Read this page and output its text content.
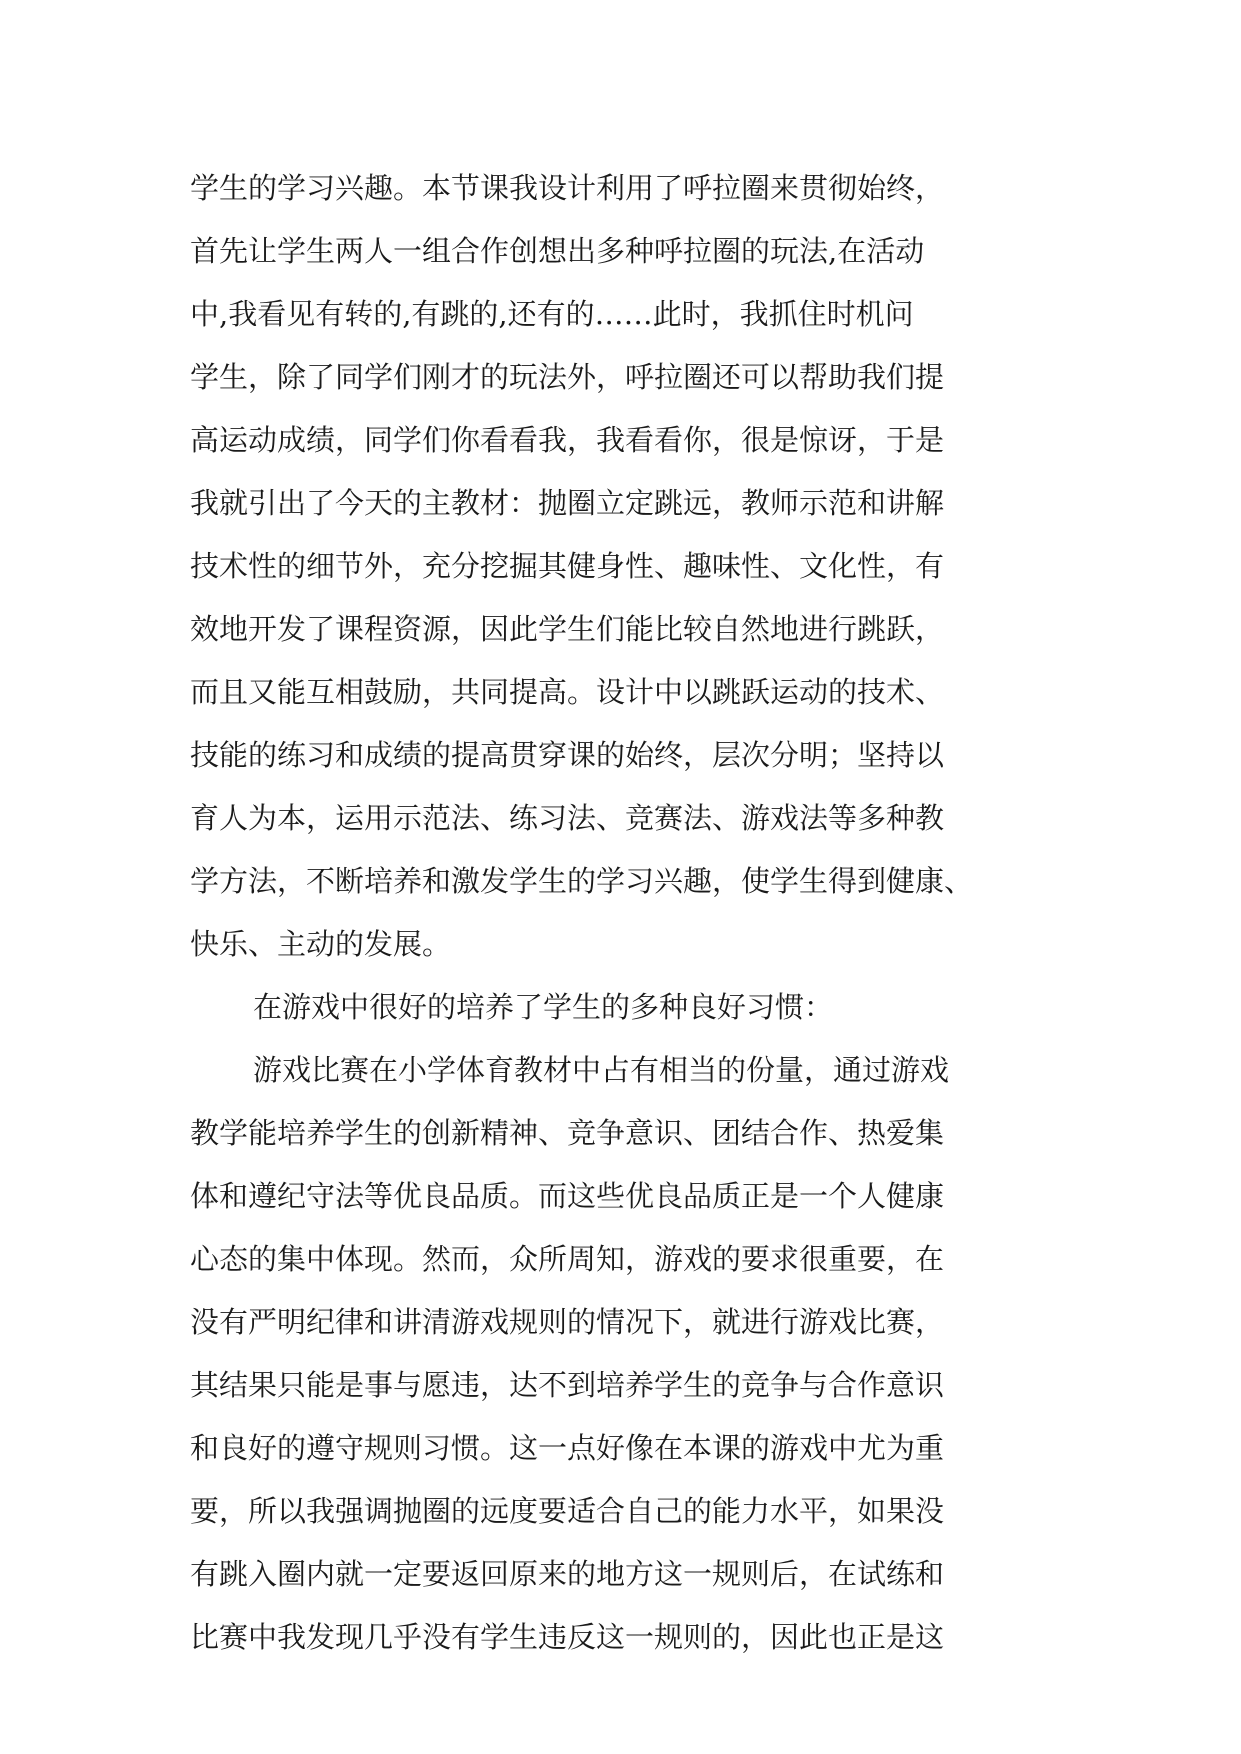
学生的学习兴趣。本节课我设计利用了呼拉圈来贯彻始终，
首先让学生两人一组合作创想出多种呼拉圈的玩法,在活动
中,我看见有转的,有跳的,还有的……此时，我抓住时机问
学生，除了同学们刚才的玩法外，呼拉圈还可以帮助我们提
高运动成绩，同学们你看看我，我看看你，很是惊讶，于是
我就引出了今天的主教材：抛圈立定跳远，教师示范和讲解
技术性的细节外，充分挖掘其健身性、趣味性、文化性，有
效地开发了课程资源，因此学生们能比较自然地进行跳跃，
而且又能互相鼓励，共同提高。设计中以跳跃运动的技术、
技能的练习和成绩的提高贯穿课的始终，层次分明；坚持以
育人为本，运用示范法、练习法、竞赛法、游戏法等多种教
学方法，不断培养和激发学生的学习兴趣，使学生得到健康、
快乐、主动的发展。
在游戏中很好的培养了学生的多种良好习惯：
游戏比赛在小学体育教材中占有相当的份量，通过游戏
教学能培养学生的创新精神、竞争意识、团结合作、热爱集
体和遵纪守法等优良品质。而这些优良品质正是一个人健康
心态的集中体现。然而，众所周知，游戏的要求很重要，在
没有严明纪律和讲清游戏规则的情况下，就进行游戏比赛，
其结果只能是事与愿违，达不到培养学生的竞争与合作意识
和良好的遵守规则习惯。这一点好像在本课的游戏中尤为重
要，所以我强调抛圈的远度要适合自己的能力水平，如果没
有跳入圈内就一定要返回原来的地方这一规则后，在试练和
比赛中我发现几乎没有学生违反这一规则的，因此也正是这
